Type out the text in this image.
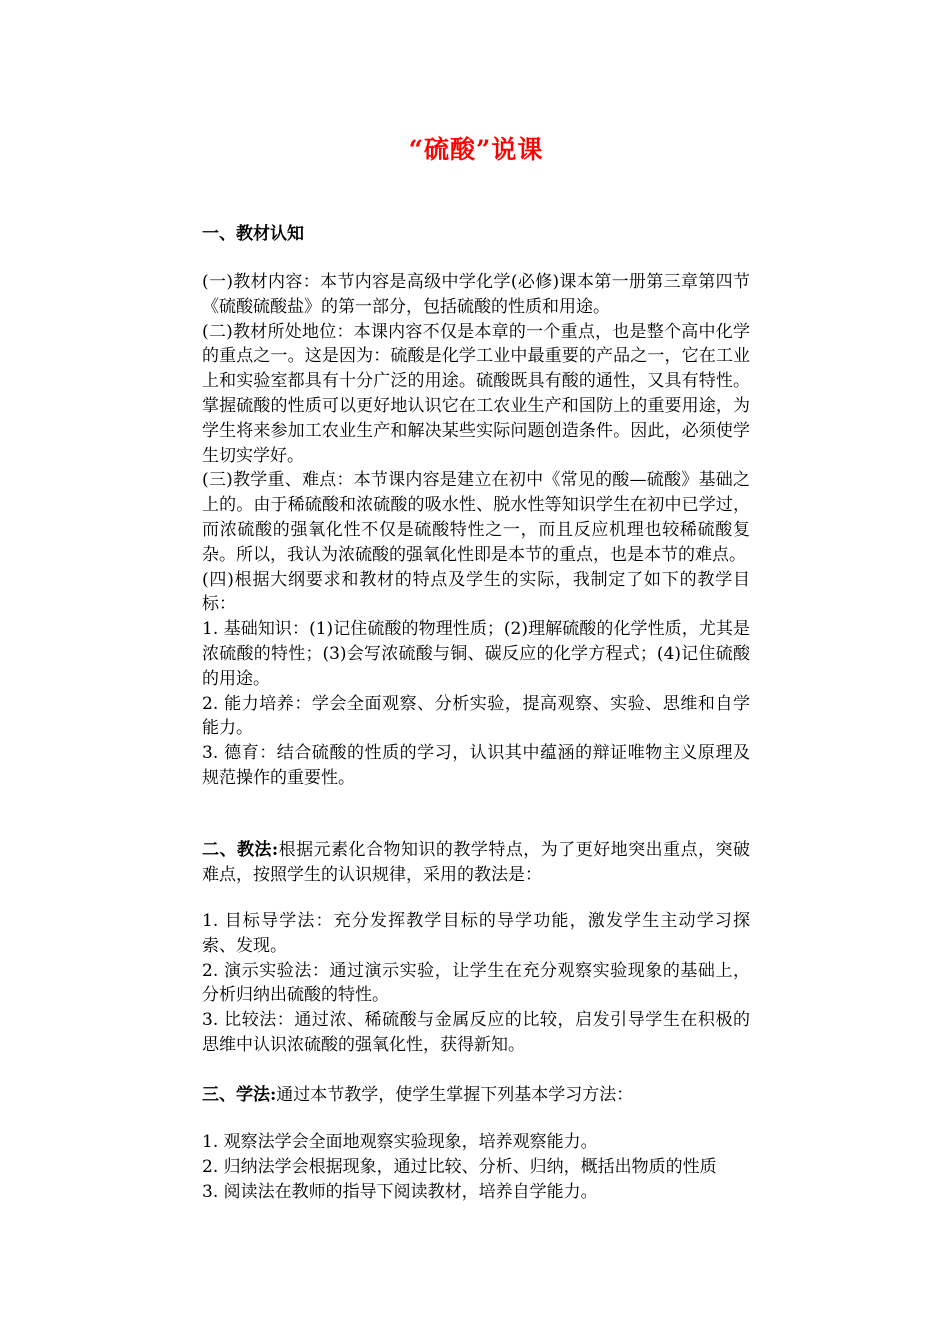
“硫酸”说课
一、教材认知

(一)教材内容：本节内容是高级中学化学(必修)课本第一册第三章第四节《硫酸硫酸盐》的第一部分，包括硫酸的性质和用途。

(二)教材所处地位：本课内容不仅是本章的一个重点，也是整个高中化学的重点之一。这是因为：硫酸是化学工业中最重要的产品之一，它在工业上和实验室都具有十分广泛的用途。硫酸既具有酸的通性，又具有特性。掌握硫酸的性质可以更好地认识它在工农业生产和国防上的重要用途，为学生将来参加工农业生产和解决某些实际问题创造条件。因此，必须使学生切实学好。

(三)教学重、难点：本节课内容是建立在初中《常见的酸—硫酸》基础之上的。由于稀硫酸和浓硫酸的吸水性、脱水性等知识学生在初中已学过，而浓硫酸的强氧化性不仅是硫酸特性之一，而且反应机理也较稀硫酸复杂。所以，我认为浓硫酸的强氧化性即是本节的重点，也是本节的难点。

(四)根据大纲要求和教材的特点及学生的实际，我制定了如下的教学目标：

1. 基础知识：(1)记住硫酸的物理性质；(2)理解硫酸的化学性质，尤其是浓硫酸的特性；(3)会写浓硫酸与铜、碳反应的化学方程式；(4)记住硫酸的用途。

2. 能力培养：学会全面观察、分析实验，提高观察、实验、思维和自学能力。

3. 德育：结合硫酸的性质的学习，认识其中蕴涵的辩证唯物主义原理及规范操作的重要性。

二、教法:根据元素化合物知识的教学特点，为了更好地突出重点，突破难点，按照学生的认识规律，采用的教法是：

1. 目标导学法：充分发挥教学目标的导学功能，激发学生主动学习探索、发现。

2. 演示实验法：通过演示实验，让学生在充分观察实验现象的基础上，分析归纳出硫酸的特性。

3. 比较法：通过浓、稀硫酸与金属反应的比较，启发引导学生在积极的思维中认识浓硫酸的强氧化性，获得新知。

三、学法:通过本节教学，使学生掌握下列基本学习方法：

1. 观察法学会全面地观察实验现象，培养观察能力。

2. 归纳法学会根据现象，通过比较、分析、归纳，概括出物质的性质

3. 阅读法在教师的指导下阅读教材，培养自学能力。
